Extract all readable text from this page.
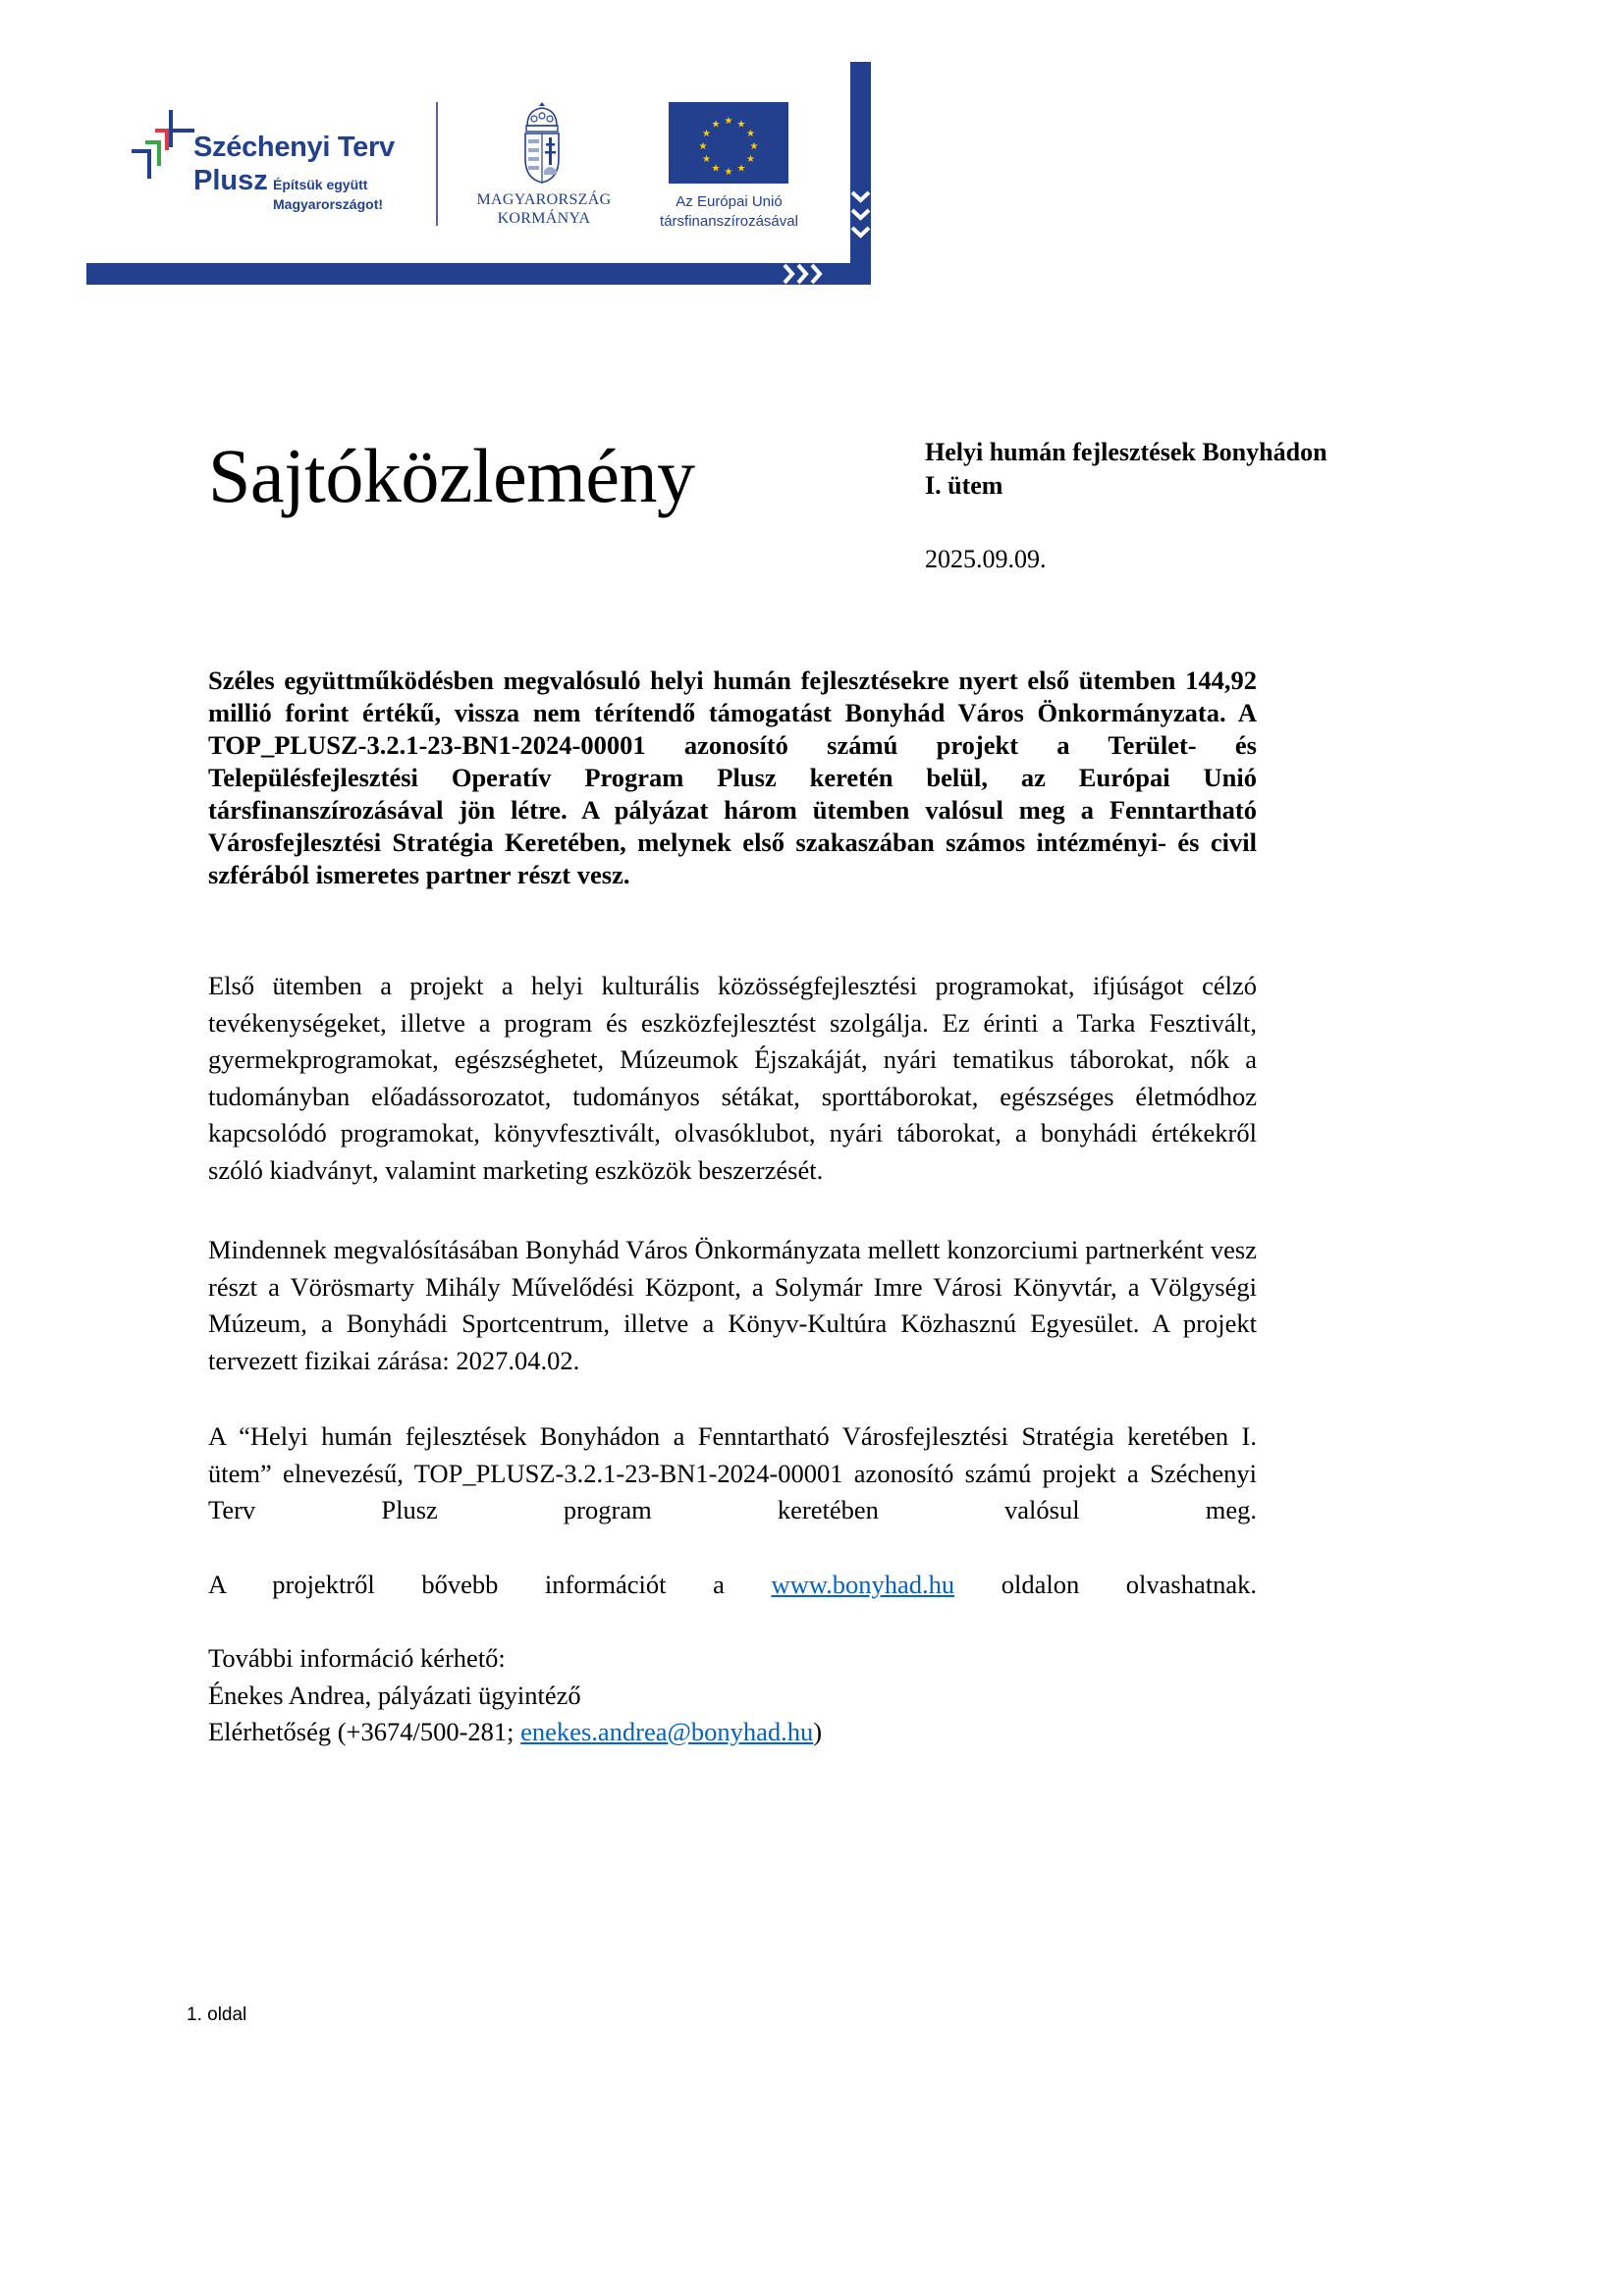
Széchenyi Terv
Plusz Építsük együtt
Magyarországot!	MAGYARORSZÁG
KORMÁNYA
★ ★
★
★
★
★
★
★
★
★
★
★
Az Európai Unió
társfinanszírozásával
Sajtóközlemény	Helyi humán fejlesztések Bonyhádon
I. ütem
2025.09.09.

Széles együttműködésben megvalósuló helyi humán fejlesztésekre nyert első ütemben 144,92 millió forint értékű, vissza nem térítendő támogatást Bonyhád Város Önkormányzata. A TOP_PLUSZ-3.2.1-23-BN1-2024-00001 azonosító számú projekt a Terület- és Településfejlesztési Operatív Program Plusz keretén belül, az Európai Unió társfinanszírozásával jön létre. A pályázat három ütemben valósul meg a Fenntartható Városfejlesztési Stratégia Keretében, melynek első szakaszában számos intézményi- és civil szférából ismeretes partner részt vesz.

Első ütemben a projekt a helyi kulturális közösségfejlesztési programokat, ifjúságot célzó tevékenységeket, illetve a program és eszközfejlesztést szolgálja. Ez érinti a Tarka Fesztivált, gyermekprogramokat, egészséghetet, Múzeumok Éjszakáját, nyári tematikus táborokat, nők a tudományban előadássorozatot, tudományos sétákat, sporttáborokat, egészséges életmódhoz kapcsolódó programokat, könyvfesztivált, olvasóklubot, nyári táborokat, a bonyhádi értékekről szóló kiadványt, valamint marketing eszközök beszerzését.

Mindennek megvalósításában Bonyhád Város Önkormányzata mellett konzorciumi partnerként vesz részt a Vörösmarty Mihály Művelődési Központ, a Solymár Imre Városi Könyvtár, a Völgységi Múzeum, a Bonyhádi Sportcentrum, illetve a Könyv-Kultúra Közhasznú Egyesület. A projekt tervezett fizikai zárása: 2027.04.02.

A “Helyi humán fejlesztések Bonyhádon a Fenntartható Városfejlesztési Stratégia keretében I. ütem” elnevezésű, TOP_PLUSZ-3.2.1-23-BN1-2024-00001 azonosító számú projekt a Széchenyi Terv Plusz program keretében valósul meg.

A projektről bővebb információt a www.bonyhad.hu oldalon olvashatnak.

További információ kérhető:
Énekes Andrea, pályázati ügyintéző
Elérhetőség (+3674/500-281; enekes.andrea@bonyhad.hu)
1. oldal
